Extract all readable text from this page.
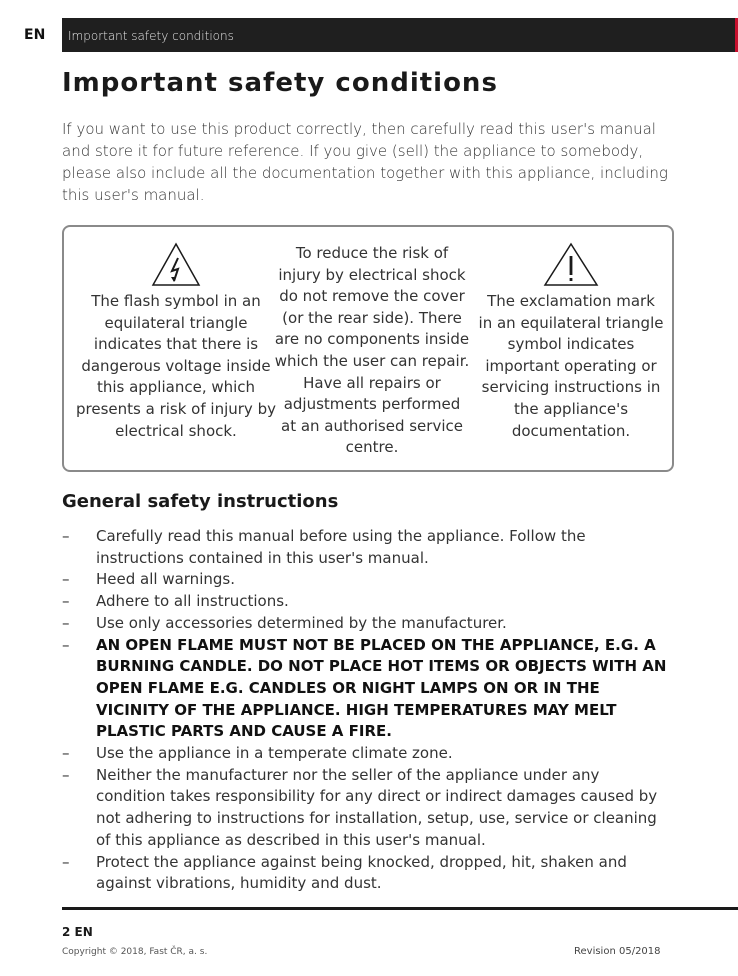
EN	Important safety conditions
Important safety conditions

If you want to use this product correctly, then carefully read this user's manual and store it for future reference. If you give (sell) the appliance to somebody, please also include all the documentation together with this appliance, including this user's manual.

The flash symbol in an equilateral triangle indicates that there is dangerous voltage inside this appliance, which presents a risk of injury by electrical shock.
To reduce the risk of injury by electrical shock do not remove the cover (or the rear side). There are no components inside which the user can repair. Have all repairs or adjustments performed at an authorised service centre.
The exclamation mark in an equilateral triangle symbol indicates important operating or servicing instructions in the appliance's documentation.
General safety instructions
– Carefully read this manual before using the appliance. Follow the instructions contained in this user's manual.
– Heed all warnings.
– Adhere to all instructions.
– Use only accessories determined by the manufacturer.
– AN OPEN FLAME MUST NOT BE PLACED ON THE APPLIANCE, E.G. A BURNING CANDLE. DO NOT PLACE HOT ITEMS OR OBJECTS WITH AN OPEN FLAME E.G. CANDLES OR NIGHT LAMPS ON OR IN THE VICINITY OF THE APPLIANCE. HIGH TEMPERATURES MAY MELT PLASTIC PARTS AND CAUSE A FIRE.
– Use the appliance in a temperate climate zone.
– Neither the manufacturer nor the seller of the appliance under any condition takes responsibility for any direct or indirect damages caused by not adhering to instructions for installation, setup, use, service or cleaning of this appliance as described in this user's manual.
– Protect the appliance against being knocked, dropped, hit, shaken and against vibrations, humidity and dust.
2 EN
Copyright © 2018, Fast ČR, a. s.	Revision 05/2018
